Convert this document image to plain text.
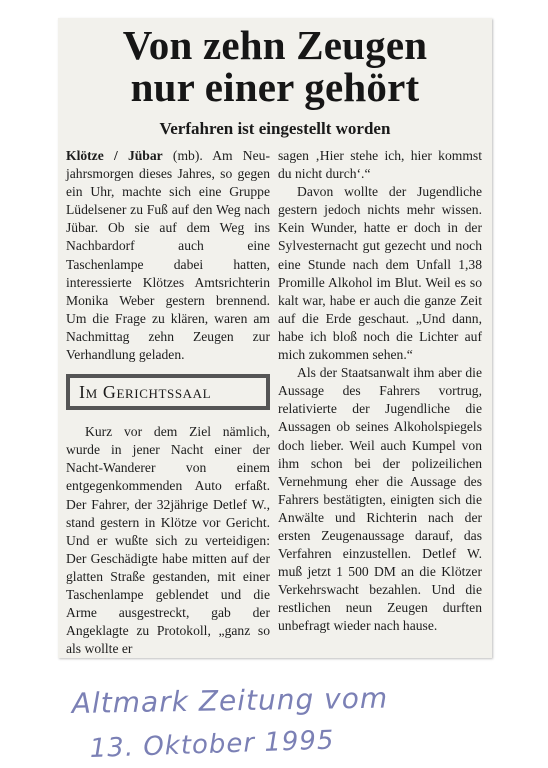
Von zehn Zeugen
nur einer gehört
Verfahren ist eingestellt worden

Klötze / Jübar (mb). Am Neu-jahrsmorgen dieses Jahres, so gegen ein Uhr, machte sich eine Gruppe Lüdelsener zu Fuß auf den Weg nach Jübar. Ob sie auf dem Weg ins Nachbardorf auch eine Taschenlampe dabei hatten, interessierte Klötzes Amtsrichterin Monika Weber gestern brennend. Um die Frage zu klären, waren am Nachmittag zehn Zeugen zur Verhandlung geladen.

Im Gerichtssaal

Kurz vor dem Ziel nämlich, wurde in jener Nacht einer der Nacht-Wanderer von einem entgegenkommenden Auto erfaßt. Der Fahrer, der 32jährige Detlef W., stand gestern in Klötze vor Gericht. Und er wußte sich zu verteidigen: Der Geschädigte habe mitten auf der glatten Straße gestanden, mit einer Taschenlampe geblendet und die Arme ausgestreckt, gab der Angeklagte zu Protokoll, „ganz so als wollte er

sagen ‚Hier stehe ich, hier kommst du nicht durch‘.“

Davon wollte der Jugendliche gestern jedoch nichts mehr wissen. Kein Wunder, hatte er doch in der Sylvesternacht gut gezecht und noch eine Stunde nach dem Unfall 1,38 Promille Alkohol im Blut. Weil es so kalt war, habe er auch die ganze Zeit auf die Erde geschaut. „Und dann, habe ich bloß noch die Lichter auf mich zukommen sehen.“

Als der Staatsanwalt ihm aber die Aussage des Fahrers vortrug, relativierte der Jugendliche die Aussagen ob seines Alkoholspiegels doch lieber. Weil auch Kumpel von ihm schon bei der polizeilichen Vernehmung eher die Aussage des Fahrers bestätigten, einigten sich die Anwälte und Richterin nach der ersten Zeugenaussage darauf, das Verfahren einzustellen. Detlef W. muß jetzt 1 500 DM an die Klötzer Verkehrswacht bezahlen. Und die restlichen neun Zeugen durften unbefragt wieder nach hause.

Altmark Zeitung vom
13. Oktober 1995
